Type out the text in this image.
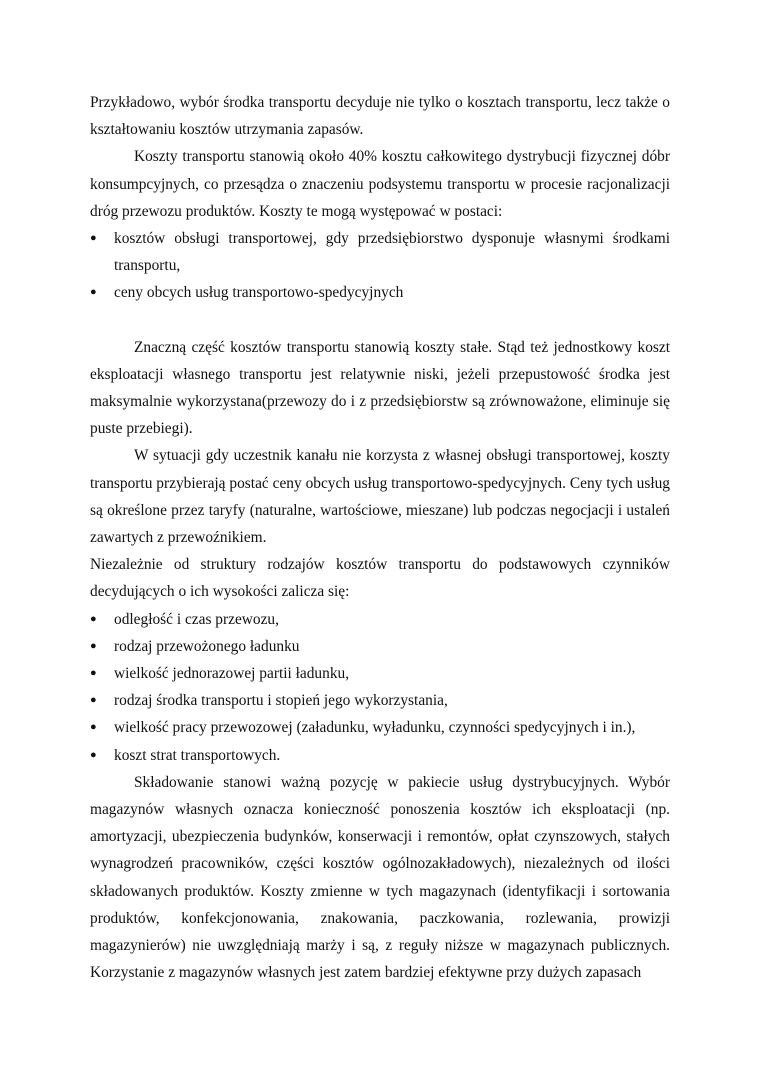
Przykładowo, wybór środka transportu decyduje nie tylko o kosztach transportu, lecz także o kształtowaniu kosztów utrzymania zapasów.

Koszty transportu stanowią około 40% kosztu całkowitego dystrybucji fizycznej dóbr konsumpcyjnych, co przesądza o znaczeniu podsystemu transportu w procesie racjonalizacji dróg przewozu produktów. Koszty te mogą występować w postaci:

●	kosztów obsługi transportowej, gdy przedsiębiorstwo dysponuje własnymi środkami transportu,
●	ceny obcych usług transportowo-spedycyjnych

Znaczną część kosztów transportu stanowią koszty stałe. Stąd też jednostkowy koszt eksploatacji własnego transportu jest relatywnie niski, jeżeli przepustowość środka jest maksymalnie wykorzystana(przewozy do i z przedsiębiorstw są zrównoważone, eliminuje się puste przebiegi).

W sytuacji gdy uczestnik kanału nie korzysta z własnej obsługi transportowej, koszty transportu przybierają postać ceny obcych usług transportowo-spedycyjnych. Ceny tych usług są określone przez taryfy (naturalne, wartościowe, mieszane) lub podczas negocjacji i ustaleń zawartych z przewoźnikiem.

Niezależnie od struktury rodzajów kosztów transportu do podstawowych czynników decydujących o ich wysokości zalicza się:

●	odległość i czas przewozu,
●	rodzaj przewożonego ładunku
●	wielkość jednorazowej partii ładunku,
●	rodzaj środka transportu i stopień jego wykorzystania,
●	wielkość pracy przewozowej (załadunku, wyładunku, czynności spedycyjnych i in.),
●	koszt strat transportowych.

Składowanie stanowi ważną pozycję w pakiecie usług dystrybucyjnych. Wybór magazynów własnych oznacza konieczność ponoszenia kosztów ich eksploatacji (np. amortyzacji, ubezpieczenia budynków, konserwacji i remontów, opłat czynszowych, stałych wynagrodzeń pracowników, części kosztów ogólnozakładowych), niezależnych od ilości składowanych produktów. Koszty zmienne w tych magazynach (identyfikacji i sortowania produktów, konfekcjonowania, znakowania, paczkowania, rozlewania, prowizji magazynierów) nie uwzględniają marży i są, z reguły niższe w magazynach publicznych. Korzystanie z magazynów własnych jest zatem bardziej efektywne przy dużych zapasach
